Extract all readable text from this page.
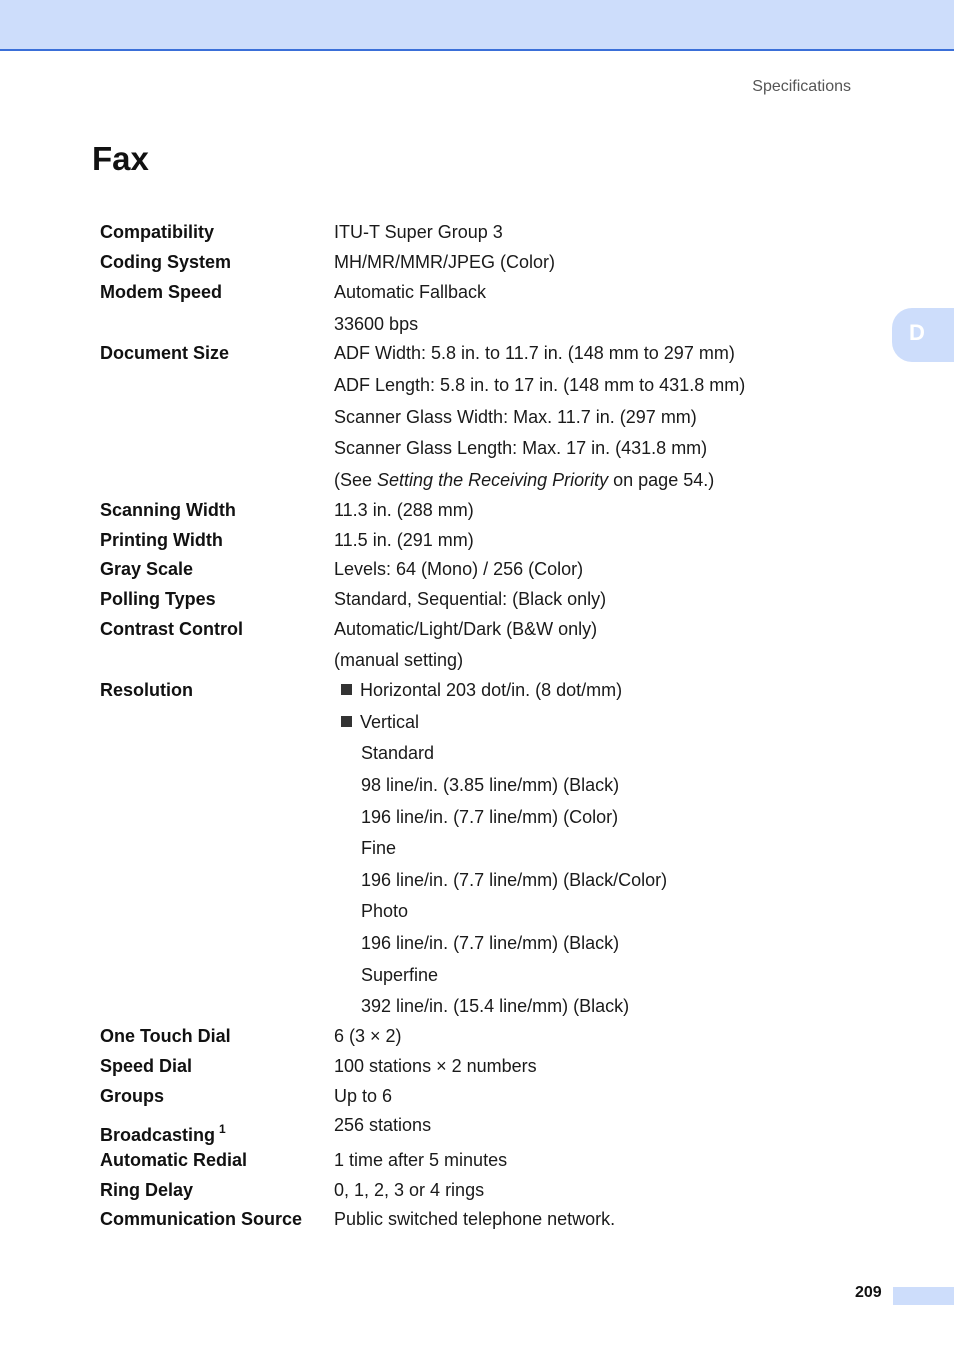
Specifications
Fax
D
Compatibility	ITU-T Super Group 3
Coding System	MH/MR/MMR/JPEG (Color)
Modem Speed	Automatic Fallback
33600 bps
Document Size	ADF Width: 5.8 in. to 11.7 in. (148 mm to 297 mm)
ADF Length: 5.8 in. to 17 in. (148 mm to 431.8 mm)
Scanner Glass Width: Max. 11.7 in. (297 mm)
Scanner Glass Length: Max. 17 in. (431.8 mm)
(See Setting the Receiving Priority on page 54.)
Scanning Width	11.3 in. (288 mm)
Printing Width	11.5 in. (291 mm)
Gray Scale	Levels: 64 (Mono) / 256 (Color)
Polling Types	Standard, Sequential: (Black only)
Contrast Control	Automatic/Light/Dark (B&W only)
(manual setting)
Resolution	Horizontal 203 dot/in. (8 dot/mm)
Vertical
Standard
98 line/in. (3.85 line/mm) (Black)
196 line/in. (7.7 line/mm) (Color)
Fine
196 line/in. (7.7 line/mm) (Black/Color)
Photo
196 line/in. (7.7 line/mm) (Black)
Superfine
392 line/in. (15.4 line/mm) (Black)
One Touch Dial	6 (3 × 2)
Speed Dial	100 stations × 2 numbers
Groups	Up to 6
Broadcasting $^1$	256 stations
Automatic Redial	1 time after 5 minutes
Ring Delay	0, 1, 2, 3 or 4 rings
Communication Source Public switched telephone network.
209
